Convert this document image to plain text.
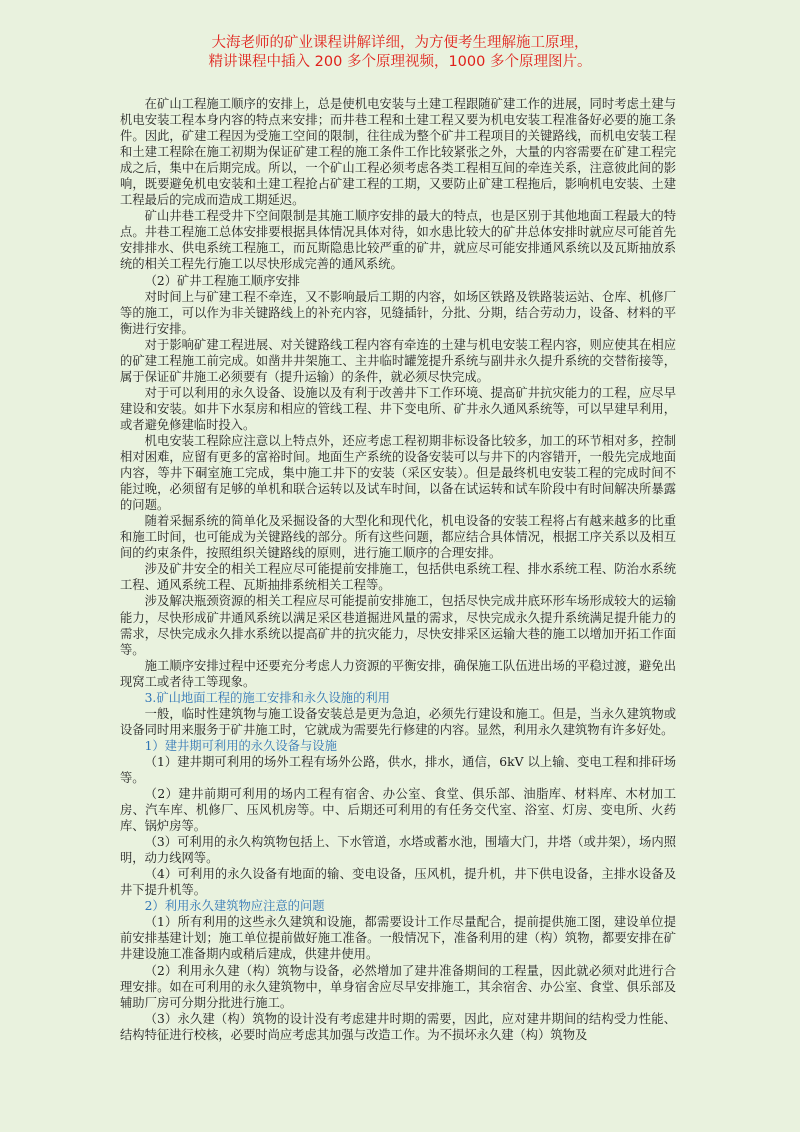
大海老师的矿业课程讲解详细，为方便考生理解施工原理，
精讲课程中插入 200 多个原理视频，1000 多个原理图片。

在矿山工程施工顺序的安排上，总是使机电安装与土建工程跟随矿建工作的进展，同时考虑土建与机电安装工程本身内容的特点来安排；而井巷工程和土建工程又要为机电安装工程准备好必要的施工条件。因此，矿建工程因为受施工空间的限制，往往成为整个矿井工程项目的关键路线，而机电安装工程和土建工程除在施工初期为保证矿建工程的施工条件工作比较紧张之外，大量的内容需要在矿建工程完成之后，集中在后期完成。所以，一个矿山工程必须考虑各类工程相互间的牵连关系，注意彼此间的影响，既要避免机电安装和土建工程抢占矿建工程的工期，又要防止矿建工程拖后，影响机电安装、土建工程最后的完成而造成工期延迟。

矿山井巷工程受井下空间限制是其施工顺序安排的最大的特点，也是区别于其他地面工程最大的特点。井巷工程施工总体安排要根据具体情况具体对待，如水患比较大的矿井总体安排时就应尽可能首先安排排水、供电系统工程施工，而瓦斯隐患比较严重的矿井，就应尽可能安排通风系统以及瓦斯抽放系统的相关工程先行施工以尽快形成完善的通风系统。

（2）矿井工程施工顺序安排

对时间上与矿建工程不牵连，又不影响最后工期的内容，如场区铁路及铁路装运站、仓库、机修厂等的施工，可以作为非关键路线上的补充内容，见缝插针，分批、分期，结合劳动力，设备、材料的平衡进行安排。

对于影响矿建工程进展、对关键路线工程内容有牵连的土建与机电安装工程内容，则应使其在相应的矿建工程施工前完成。如凿井井架施工、主井临时罐笼提升系统与副井永久提升系统的交替衔接等，属于保证矿井施工必须要有（提升运输）的条件，就必须尽快完成。

对于可以利用的永久设备、设施以及有利于改善井下工作环境、提高矿井抗灾能力的工程，应尽早建设和安装。如井下水泵房和相应的管线工程、井下变电所、矿井永久通风系统等，可以早建早利用，或者避免修建临时投入。

机电安装工程除应注意以上特点外，还应考虑工程初期非标设备比较多，加工的环节相对多，控制相对困难，应留有更多的富裕时间。地面生产系统的设备安装可以与井下的内容错开，一般先完成地面内容，等井下硐室施工完成，集中施工井下的安装（采区安装）。但是最终机电安装工程的完成时间不能过晚，必须留有足够的单机和联合运转以及试车时间，以备在试运转和试车阶段中有时间解决所暴露的问题。

随着采掘系统的简单化及采掘设备的大型化和现代化，机电设备的安装工程将占有越来越多的比重和施工时间，也可能成为关键路线的部分。所有这些问题，都应结合具体情况，根据工序关系以及相互间的约束条件，按照组织关键路线的原则，进行施工顺序的合理安排。

涉及矿井安全的相关工程应尽可能提前安排施工，包括供电系统工程、排水系统工程、防治水系统工程、通风系统工程、瓦斯抽排系统相关工程等。

涉及解决瓶颈资源的相关工程应尽可能提前安排施工，包括尽快完成井底环形车场形成较大的运输能力，尽快形成矿井通风系统以满足采区巷道掘进风量的需求，尽快完成永久提升系统满足提升能力的需求，尽快完成永久排水系统以提高矿井的抗灾能力，尽快安排采区运输大巷的施工以增加开拓工作面等。

施工顺序安排过程中还要充分考虑人力资源的平衡安排，确保施工队伍进出场的平稳过渡，避免出现窝工或者待工等现象。

3.矿山地面工程的施工安排和永久设施的利用

一般，临时性建筑物与施工设备安装总是更为急迫，必须先行建设和施工。但是，当永久建筑物或设备同时用来服务于矿井施工时，它就成为需要先行修建的内容。显然，利用永久建筑物有许多好处。

1）建井期可利用的永久设备与设施

（1）建井期可利用的场外工程有场外公路，供水，排水，通信，6kV 以上输、变电工程和排矸场等。

（2）建井前期可利用的场内工程有宿舍、办公室、食堂、俱乐部、油脂库、材料库、木材加工房、汽车库、机修厂、压风机房等。中、后期还可利用的有任务交代室、浴室、灯房、变电所、火药库、锅炉房等。

（3）可利用的永久构筑物包括上、下水管道，水塔或蓄水池，围墙大门，井塔（或井架），场内照明，动力线网等。

（4）可利用的永久设备有地面的输、变电设备，压风机，提升机，井下供电设备，主排水设备及井下提升机等。

2）利用永久建筑物应注意的问题

（1）所有利用的这些永久建筑和设施，都需要设计工作尽量配合，提前提供施工图，建设单位提前安排基建计划；施工单位提前做好施工准备。一般情况下，准备利用的建（构）筑物，都要安排在矿井建设施工准备期内或稍后建成，供建井使用。

（2）利用永久建（构）筑物与设备，必然增加了建井准备期间的工程量，因此就必须对此进行合理安排。如在可利用的永久建筑物中，单身宿舍应尽早安排施工，其余宿舍、办公室、食堂、俱乐部及辅助厂房可分期分批进行施工。

（3）永久建（构）筑物的设计没有考虑建井时期的需要，因此，应对建井期间的结构受力性能、结构特征进行校核，必要时尚应考虑其加强与改造工作。为不损坏永久建（构）筑物及
